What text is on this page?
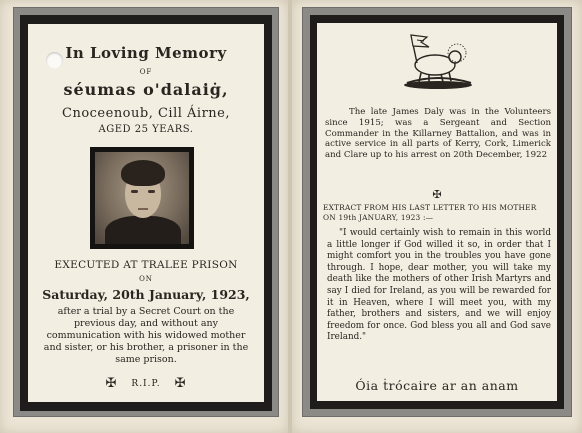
In Loving Memory
OF
séumas o'dalaiġ,
Cnoceenoub, Cill Áirne,
AGED 25 YEARS.
EXECUTED AT TRALEE PRISON
ON
Saturday, 20th January, 1923,
after a trial by a Secret Court on the previous day, and without any communication with his widowed mother and sister, or his brother, a prisoner in the same prison.
✠ R.I.P. ✠
The late James Daly was in the Volunteers since 1915; was a Sergeant and Section Commander in the Killarney Battalion, and was in active service in all parts of Kerry, Cork, Limerick and Clare up to his arrest on 20th December, 1922
✠
EXTRACT FROM HIS LAST LETTER TO HIS MOTHER ON 19th JANUARY, 1923 :—
"I would certainly wish to remain in this world a little longer if God willed it so, in order that I might comfort you in the troubles you have gone through. I hope, dear mother, you will take my death like the mothers of other Irish Martyrs and say I died for Ireland, as you will be rewarded for it in Heaven, where I will meet you, with my father, brothers and sisters, and we will enjoy freedom for once. God bless you all and God save Ireland."
Óia ṫrócaire ar an anam
